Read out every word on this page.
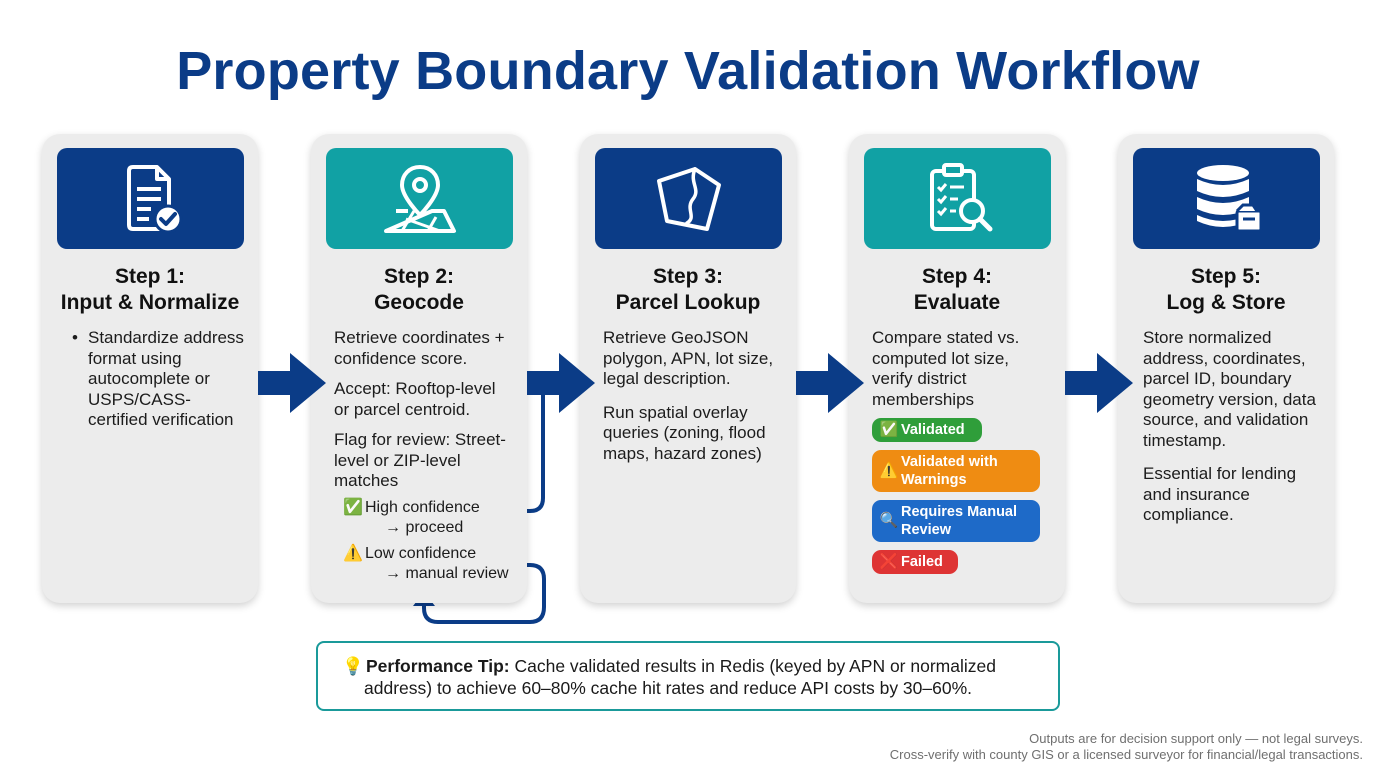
Property Boundary Validation Workflow
Step 1:
Input & Normalize

• Standardize address format using autocomplete or USPS/CASS-certified verification

Step 2:
Geocode

Retrieve coordinates + confidence score.

Accept: Rooftop-level or parcel centroid.

Flag for review: Street-level or ZIP-level matches

✅ High confidence
→ proceed
⚠️ Low confidence
→ manual review
Step 3:
Parcel Lookup

Retrieve GeoJSON polygon, APN, lot size, legal description.

Run spatial overlay queries (zoning, flood maps, hazard zones)

Step 4:
Evaluate

Compare stated vs. computed lot size, verify district memberships

✅ Validated
⚠️ Validated with Warnings
🔍 Requires Manual Review
❌ Failed
Step 5:
Log & Store

Store normalized address, coordinates, parcel ID, boundary geometry version, data source, and validation timestamp.

Essential for lending and insurance compliance.

💡 Performance Tip: Cache validated results in Redis (keyed by APN or normalized
address) to achieve 60–80% cache hit rates and reduce API costs by 30–60%.
Outputs are for decision support only — not legal surveys.
Cross-verify with county GIS or a licensed surveyor for financial/legal transactions.
